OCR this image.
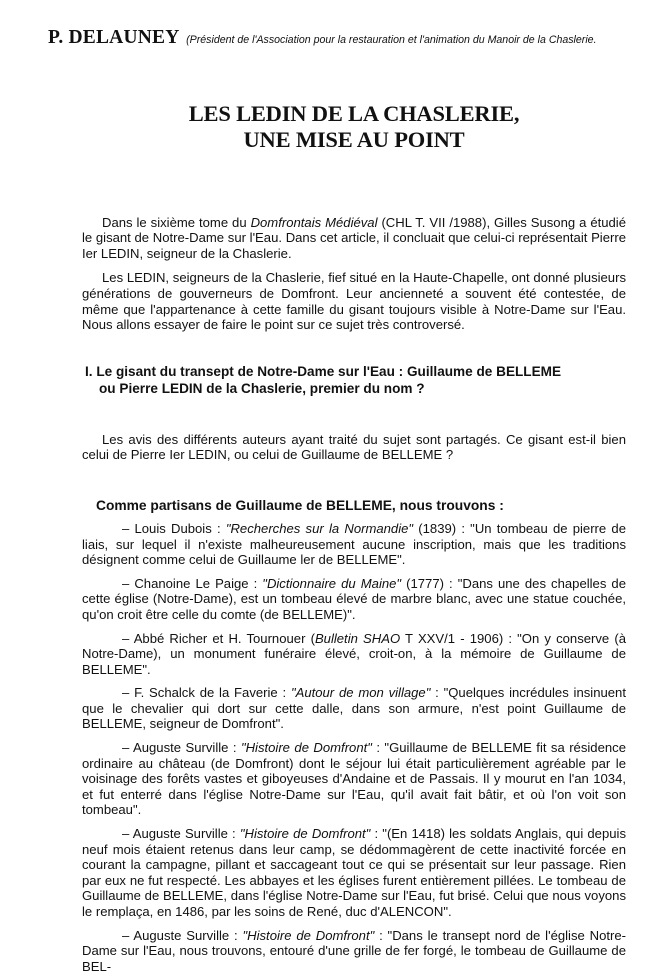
P. DELAUNEY (Président de l'Association pour la restauration et l'animation du Manoir de la Chaslerie.
LES LEDIN DE LA CHASLERIE,
UNE MISE AU POINT

Dans le sixième tome du Domfrontais Médiéval (CHL T. VII /1988), Gilles Susong a étudié le gisant de Notre-Dame sur l'Eau. Dans cet article, il concluait que celui-ci représentait Pierre Ier LEDIN, seigneur de la Chaslerie.

Les LEDIN, seigneurs de la Chaslerie, fief situé en la Haute-Chapelle, ont donné plusieurs générations de gouverneurs de Domfront. Leur ancienneté a souvent été contestée, de même que l'appartenance à cette famille du gisant toujours visible à Notre-Dame sur l'Eau. Nous allons essayer de faire le point sur ce sujet très controversé.

I. Le gisant du transept de Notre-Dame sur l'Eau : Guillaume de BELLEME
ou Pierre LEDIN de la Chaslerie, premier du nom ?

Les avis des différents auteurs ayant traité du sujet sont partagés. Ce gisant est-il bien celui de Pierre Ier LEDIN, ou celui de Guillaume de BELLEME ?

Comme partisans de Guillaume de BELLEME, nous trouvons :

– Louis Dubois : "Recherches sur la Normandie" (1839) : "Un tombeau de pierre de liais, sur lequel il n'existe malheureusement aucune inscription, mais que les traditions désignent comme celui de Guillaume ler de BELLEME".

– Chanoine Le Paige : "Dictionnaire du Maine" (1777) : "Dans une des chapelles de cette église (Notre-Dame), est un tombeau élevé de marbre blanc, avec une statue couchée, qu'on croit être celle du comte (de BELLEME)".

– Abbé Richer et H. Tournouer (Bulletin SHAO T XXV/1 - 1906) : "On y conserve (à Notre-Dame), un monument funéraire élevé, croit-on, à la mémoire de Guillaume de BELLEME".

– F. Schalck de la Faverie : "Autour de mon village" : "Quelques incrédules insinuent que le chevalier qui dort sur cette dalle, dans son armure, n'est point Guillaume de BELLEME, seigneur de Domfront".

– Auguste Surville : "Histoire de Domfront" : "Guillaume de BELLEME fit sa résidence ordinaire au château (de Domfront) dont le séjour lui était particulièrement agréable par le voisinage des forêts vastes et giboyeuses d'Andaine et de Passais. Il y mourut en l'an 1034, et fut enterré dans l'église Notre-Dame sur l'Eau, qu'il avait fait bâtir, et où l'on voit son tombeau".

– Auguste Surville : "Histoire de Domfront" : "(En 1418) les soldats Anglais, qui depuis neuf mois étaient retenus dans leur camp, se dédommagèrent de cette inactivité forcée en courant la campagne, pillant et saccageant tout ce qui se présentait sur leur passage. Rien par eux ne fut respecté. Les abbayes et les églises furent entièrement pillées. Le tombeau de Guillaume de BELLEME, dans l'église Notre-Dame sur l'Eau, fut brisé. Celui que nous voyons le remplaça, en 1486, par les soins de René, duc d'ALENCON".

– Auguste Surville : "Histoire de Domfront" : "Dans le transept nord de l'église Notre-Dame sur l'Eau, nous trouvons, entouré d'une grille de fer forgé, le tombeau de Guillaume de BEL-
